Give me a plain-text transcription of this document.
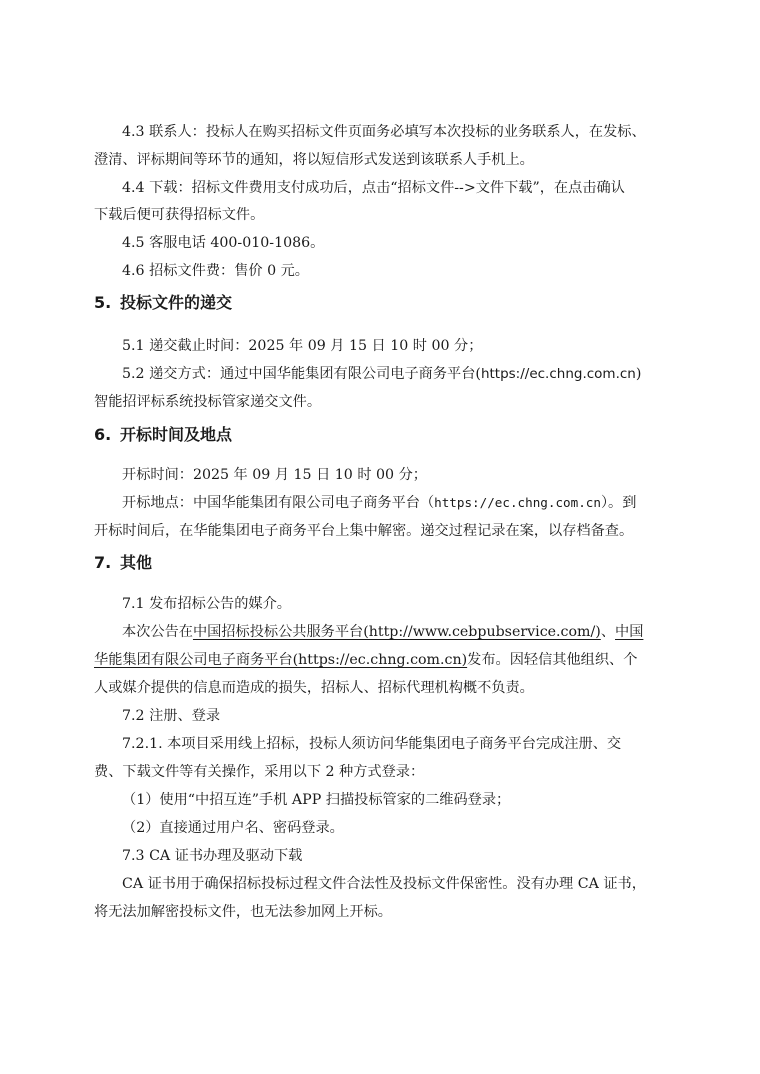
4.3 联系人：投标人在购买招标文件页面务必填写本次投标的业务联系人，在发标、
澄清、评标期间等环节的通知，将以短信形式发送到该联系人手机上。
4.4 下载：招标文件费用支付成功后，点击“招标文件-->文件下载”，在点击确认
下载后便可获得招标文件。
4.5 客服电话 400-010-1086。
4.6 招标文件费：售价 0 元。
5. 投标文件的递交
5.1 递交截止时间：2025 年 09 月 15 日 10 时 00 分；
5.2 递交方式：通过中国华能集团有限公司电子商务平台(https://ec.chng.com.cn)
智能招评标系统投标管家递交文件。
6. 开标时间及地点
开标时间：2025 年 09 月 15 日 10 时 00 分；
开标地点：中国华能集团有限公司电子商务平台（https://ec.chng.com.cn）。到
开标时间后，在华能集团电子商务平台上集中解密。递交过程记录在案，以存档备查。
7. 其他
7.1 发布招标公告的媒介。
本次公告在中国招标投标公共服务平台(http://www.cebpubservice.com/)、中国
华能集团有限公司电子商务平台(https://ec.chng.com.cn)发布。因轻信其他组织、个
人或媒介提供的信息而造成的损失，招标人、招标代理机构概不负责。
7.2 注册、登录
7.2.1. 本项目采用线上招标，投标人须访问华能集团电子商务平台完成注册、交
费、下载文件等有关操作，采用以下 2 种方式登录：
（1）使用“中招互连”手机 APP 扫描投标管家的二维码登录；
（2）直接通过用户名、密码登录。
7.3 CA 证书办理及驱动下载
CA 证书用于确保招标投标过程文件合法性及投标文件保密性。没有办理 CA 证书，
将无法加解密投标文件，也无法参加网上开标。
